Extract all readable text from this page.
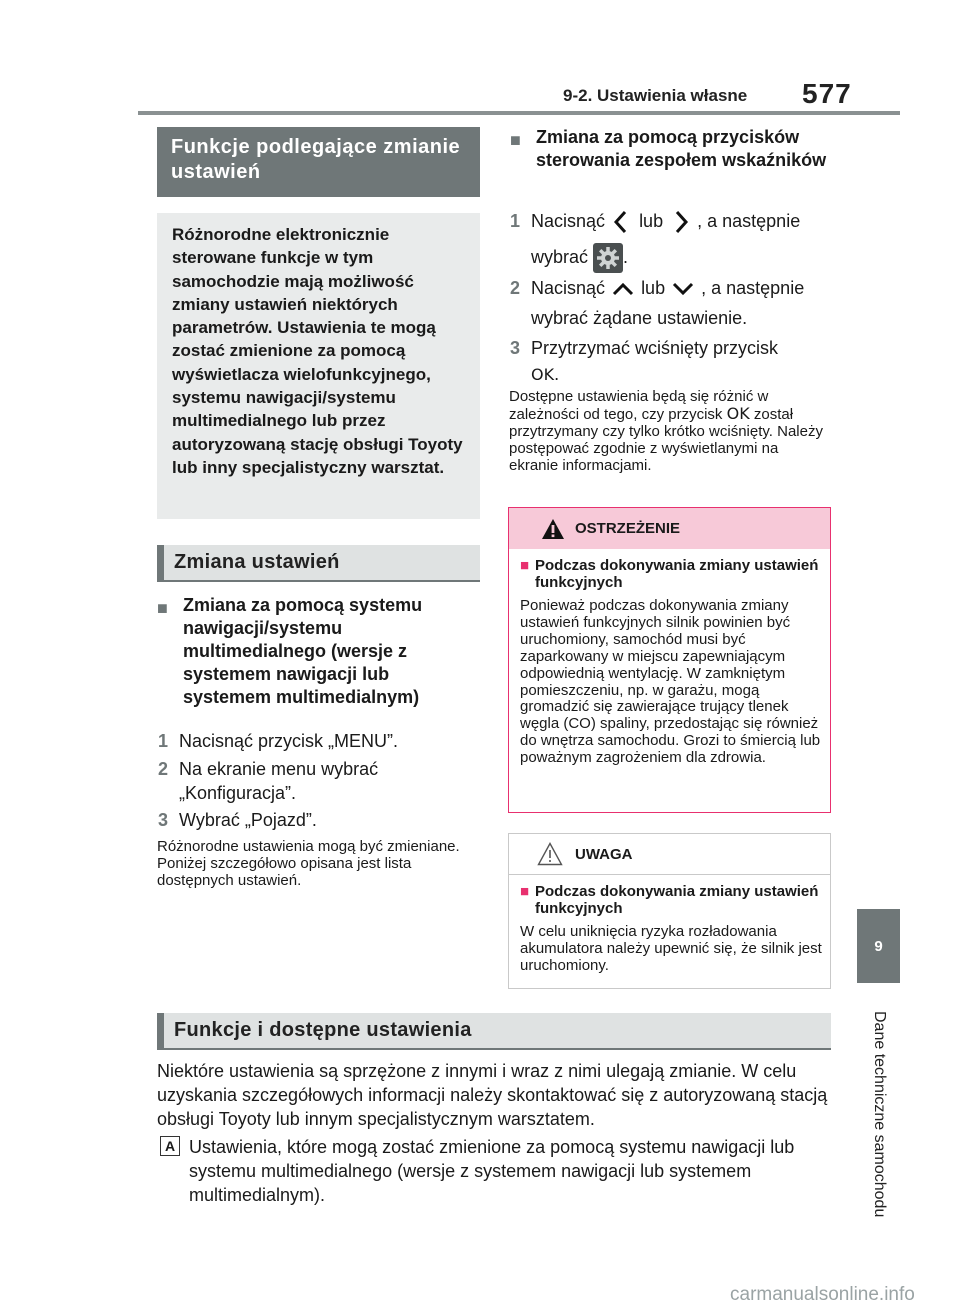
9-2. Ustawienia własne 577
9
Dane techniczne samochodu
Funkcje podlegające zmianie ustawień
Różnorodne elektronicznie sterowane funkcje w tym samochodzie mają możliwość zmiany ustawień niektórych parametrów. Ustawienia te mogą zostać zmienione za pomocą wyświetlacza wielofunkcyjnego, systemu nawigacji/systemu multimedialnego lub przez autoryzowaną stację obsługi Toyoty lub inny specjalistyczny warsztat.
Zmiana ustawień
■ Zmiana za pomocą systemu nawigacji/systemu multimedialnego (wersje z systemem nawigacji lub systemem multimedialnym)
1 Nacisnąć przycisk „MENU”.
2 Na ekranie menu wybrać „Konfiguracja”.
3 Wybrać „Pojazd”.
Różnorodne ustawienia mogą być zmieniane. Poniżej szczegółowo opisana jest lista dostępnych ustawień.
■ Zmiana za pomocą przycisków sterowania zespołem wskaźników
1 Nacisnąć lub , a następnie
wybrać .
2 Nacisnąć lub , a następnie
wybrać żądane ustawienie.
3 Przytrzymać wciśnięty przycisk
OK.
Dostępne ustawienia będą się różnić w zależności od tego, czy przycisk OK został przytrzymany czy tylko krótko wciśnięty. Należy postępować zgodnie z wyświetlanymi na ekranie informacjami.
OSTRZEŻENIE
■ Podczas dokonywania zmiany ustawień funkcyjnych
Ponieważ podczas dokonywania zmiany ustawień funkcyjnych silnik powinien być uruchomiony, samochód musi być zaparkowany w miejscu zapewniającym odpowiednią wentylację. W zamkniętym pomieszczeniu, np. w garażu, mogą gromadzić się zawierające trujący tlenek węgla (CO) spaliny, przedostając się również do wnętrza samochodu. Grozi to śmiercią lub poważnym zagrożeniem dla zdrowia.
UWAGA
■ Podczas dokonywania zmiany ustawień funkcyjnych
W celu uniknięcia ryzyka rozładowania akumulatora należy upewnić się, że silnik jest uruchomiony.
Funkcje i dostępne ustawienia
Niektóre ustawienia są sprzężone z innymi i wraz z nimi ulegają zmianie. W celu uzyskania szczegółowych informacji należy skontaktować się z autoryzowaną stacją obsługi Toyoty lub innym specjalistycznym warsztatem.
A Ustawienia, które mogą zostać zmienione za pomocą systemu nawigacji lub systemu multimedialnego (wersje z systemem nawigacji lub systemem multimedialnym).
carmanualsonline.info
